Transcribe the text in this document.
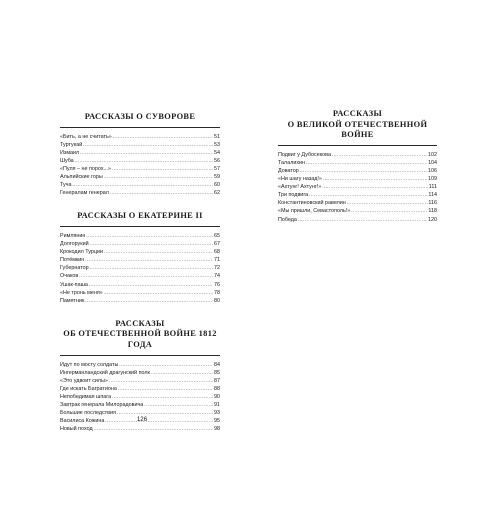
РАССКАЗЫ О СУВОРОВЕ
«Бить, а не считать» .....	51
Туртукай .....	53
Измаил .....	54
Шуба .....	56
«Пуля – не порох...» .....	57
Альпийские горы .....	59
Туча .....	60
Генералам генерал .....	62
РАССКАЗЫ О ЕКАТЕРИНЕ II
Римлянин .....	65
Долгорукий .....	67
Крокодил Турции .....	68
Потёмкин .....	71
Губернатор .....	72
Очаков .....	74
Ушак-паша .....	76
«Не тронь меня» .....	78
Памятник .....	80
РАССКАЗЫ
ОБ ОТЕЧЕСТВЕННОЙ ВОЙНЕ 1812 ГОДА
Идут по мосту солдаты .....	84
Ингерманландский драгунский полк .....	85
«Это удвоит силы» .....	87
Где искать Багратиона .....	88
Непобедимая шпага .....	90
Завтрак генерала Милорадовича .....	91
Большие последствия .....	93
Василиса Кожина .....	95
Новый поход .....	98
РАССКАЗЫ
О ВЕЛИКОЙ ОТЕЧЕСТВЕННОЙ ВОЙНЕ
Подвиг у Дубосекова .....	102
Талалихин .....	104
Доватор .....	106
«Ни шагу назад!» .....	109
«Ахтунг! Ахтунг!» .....	111
Три подвига .....	114
Константиновский равелин .....	116
«Мы пришли, Севастополь!» .....	118
Победа .....	120
126
